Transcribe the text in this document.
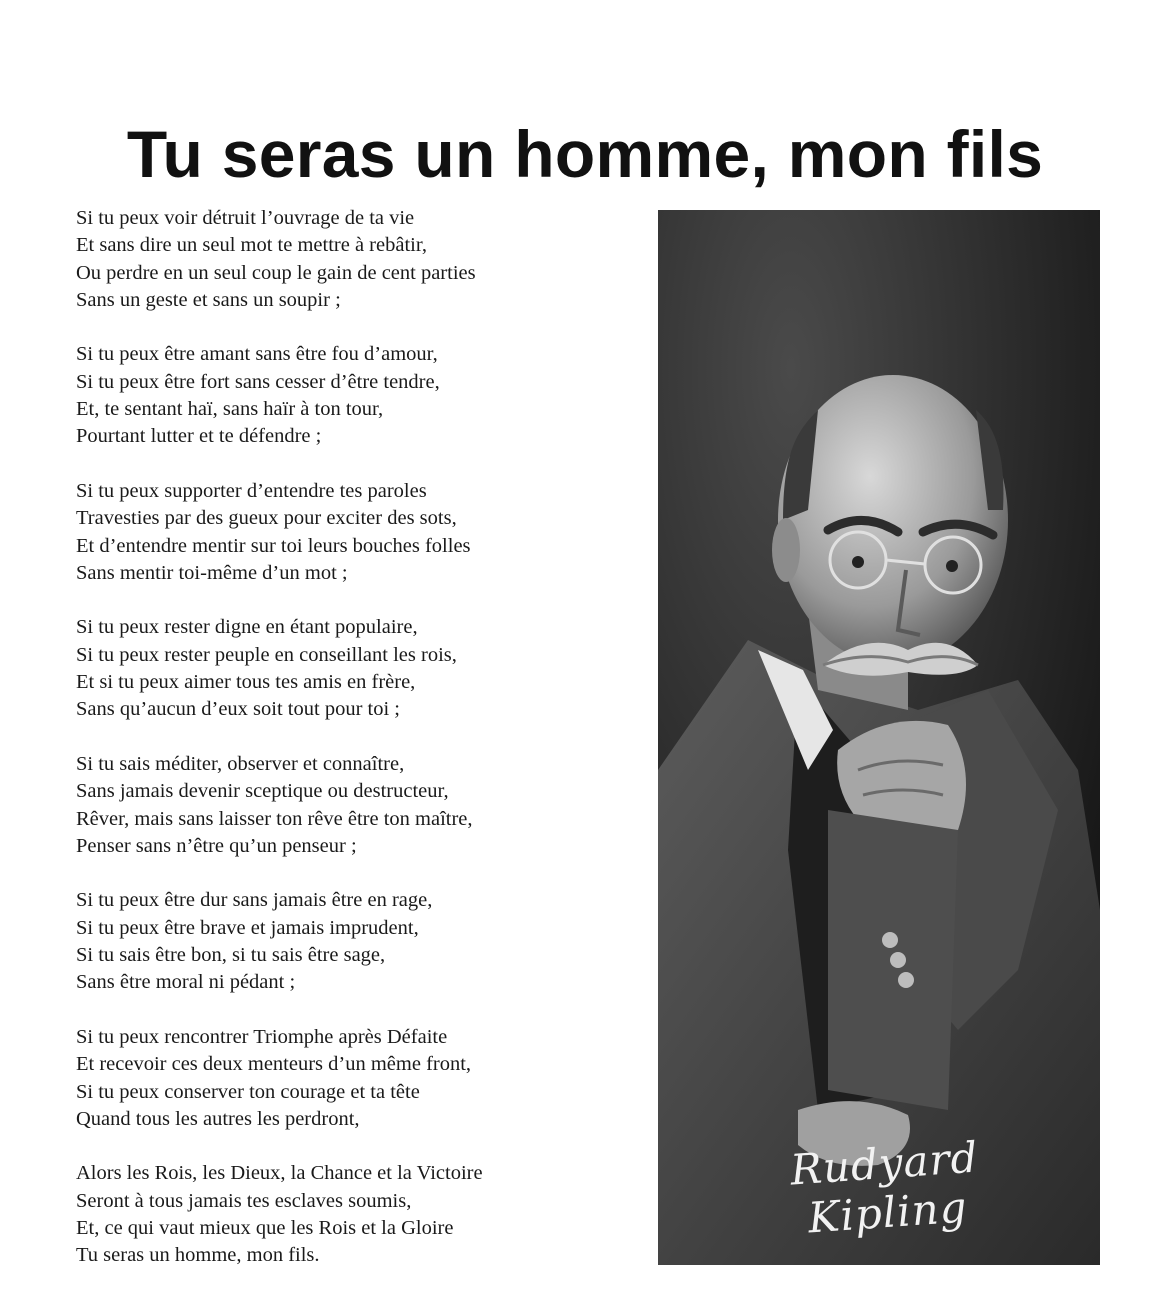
Tu seras un homme, mon fils
Si tu peux voir détruit l’ouvrage de ta vie
Et sans dire un seul mot te mettre à rebâtir,
Ou perdre en un seul coup le gain de cent parties
Sans un geste et sans un soupir ;
Si tu peux être amant sans être fou d’amour,
Si tu peux être fort sans cesser d’être tendre,
Et, te sentant haï, sans haïr à ton tour,
Pourtant lutter et te défendre ;
Si tu peux supporter d’entendre tes paroles
Travesties par des gueux pour exciter des sots,
Et d’entendre mentir sur toi leurs bouches folles
Sans mentir toi-même d’un mot ;
Si tu peux rester digne en étant populaire,
Si tu peux rester peuple en conseillant les rois,
Et si tu peux aimer tous tes amis en frère,
Sans qu’aucun d’eux soit tout pour toi ;
Si tu sais méditer, observer et connaître,
Sans jamais devenir sceptique ou destructeur,
Rêver, mais sans laisser ton rêve être ton maître,
Penser sans n’être qu’un penseur ;
Si tu peux être dur sans jamais être en rage,
Si tu peux être brave et jamais imprudent,
Si tu sais être bon, si tu sais être sage,
Sans être moral ni pédant ;
Si tu peux rencontrer Triomphe après Défaite
Et recevoir ces deux menteurs d’un même front,
Si tu peux conserver ton courage et ta tête
Quand tous les autres les perdront,
Alors les Rois, les Dieux, la Chance et la Victoire
Seront à tous jamais tes esclaves soumis,
Et, ce qui vaut mieux que les Rois et la Gloire
Tu seras un homme, mon fils.
Rudyard Kipling
